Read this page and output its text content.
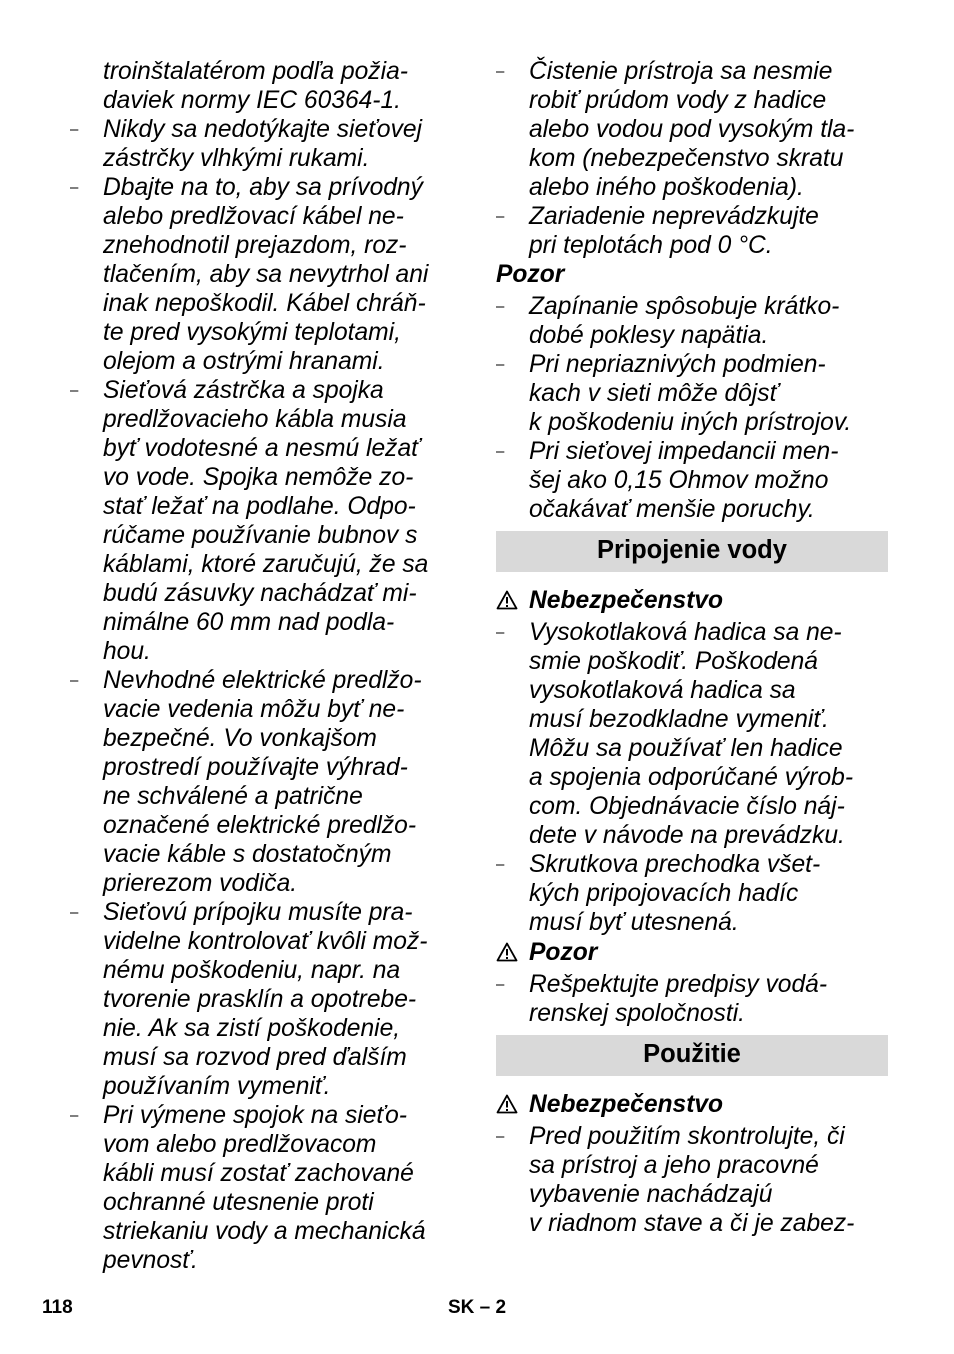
troinštalatérom podľa požia-
daviek normy IEC 60364-1.

–	Nikdy sa nedotýkajte sieťovej
zástrčky vlhkými rukami.
–	Dbajte na to, aby sa prívodný
alebo predlžovací kábel ne-
znehodnotil prejazdom, roz-
tlačením, aby sa nevytrhol ani
inak nepoškodil. Kábel chráň-
te pred vysokými teplotami,
olejom a ostrými hranami.
–	Sieťová zástrčka a spojka
predlžovacieho kábla musia
byť vodotesné a nesmú ležať
vo vode. Spojka nemôže zo-
stať ležať na podlahe. Odpo-
rúčame používanie bubnov s
káblami, ktoré zaručujú, že sa
budú zásuvky nachádzať mi-
nimálne 60 mm nad podla-
hou.
–	Nevhodné elektrické predlžo-
vacie vedenia môžu byť ne-
bezpečné. Vo vonkajšom
prostredí používajte výhrad-
ne schválené a patrične
označené elektrické predlžo-
vacie káble s dostatočným
prierezom vodiča.
–	Sieťovú prípojku musíte pra-
videlne kontrolovať kvôli mož-
nému poškodeniu, napr. na
tvorenie prasklín a opotrebe-
nie. Ak sa zistí poškodenie,
musí sa rozvod pred ďalším
používaním vymeniť.
–	Pri výmene spojok na sieťo-
vom alebo predlžovacom
kábli musí zostať zachované
ochranné utesnenie proti
striekaniu vody a mechanická
pevnosť.
–	Čistenie prístroja sa nesmie
robiť prúdom vody z hadice
alebo vodou pod vysokým tla-
kom (nebezpečenstvo skratu
alebo iného poškodenia).
–	Zariadenie neprevádzkujte
pri teplotách pod 0 °C.
Pozor
–	Zapínanie spôsobuje krátko-
dobé poklesy napätia.
–	Pri nepriaznivých podmien-
kach v sieti môže dôjsť
k poškodeniu iných prístrojov.
–	Pri sieťovej impedancii men-
šej ako 0,15 Ohmov možno
očakávať menšie poruchy.
Pripojenie vody
Nebezpečenstvo
–	Vysokotlaková hadica sa ne-
smie poškodiť. Poškodená
vysokotlaková hadica sa
musí bezodkladne vymeniť.
Môžu sa používať len hadice
a spojenia odporúčané výrob-
com. Objednávacie číslo náj-
dete v návode na prevádzku.
–	Skrutkova prechodka všet-
kých pripojovacích hadíc
musí byť utesnená.
Pozor
–	Rešpektujte predpisy vodá-
renskej spoločnosti.
Použitie
Nebezpečenstvo
–	Pred použitím skontrolujte, či
sa prístroj a jeho pracovné
vybavenie nachádzajú
v riadnom stave a či je zabez-
118	SK – 2
